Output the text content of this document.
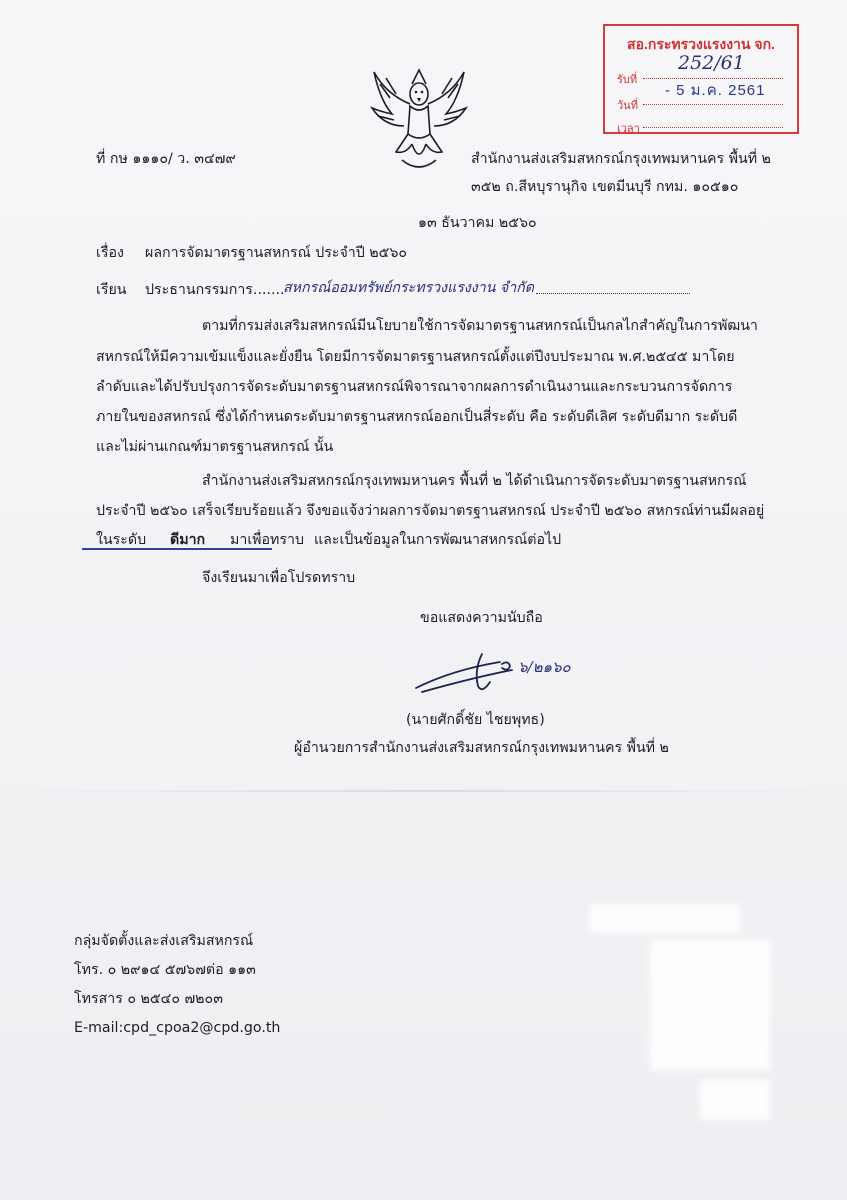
สอ.กระทรวงแรงงาน จก.
รับที่
วันที่
เวลา
252/61
- 5 ม.ค. 2561
ที่ กษ ๑๑๑๐/ ว. ๓๔๗๙	สำนักงานส่งเสริมสหกรณ์กรุงเทพมหานคร พื้นที่ ๒
๓๕๒ ถ.สีหบุรานุกิจ เขตมีนบุรี กทม. ๑๐๕๑๐
๑๓ ธันวาคม ๒๕๖๐
เรื่อง ผลการจัดมาตรฐานสหกรณ์ ประจำปี ๒๕๖๐
เรียน ประธานกรรมการ.......
สหกรณ์ออมทรัพย์กระทรวงแรงงาน จำกัด
ตามที่กรมส่งเสริมสหกรณ์มีนโยบายใช้การจัดมาตรฐานสหกรณ์เป็นกลไกสำคัญในการพัฒนา
สหกรณ์ให้มีความเข้มแข็งและยั่งยืน โดยมีการจัดมาตรฐานสหกรณ์ตั้งแต่ปีงบประมาณ พ.ศ.๒๕๔๕ มาโดย
ลำดับและได้ปรับปรุงการจัดระดับมาตรฐานสหกรณ์พิจารณาจากผลการดำเนินงานและกระบวนการจัดการ
ภายในของสหกรณ์ ซึ่งได้กำหนดระดับมาตรฐานสหกรณ์ออกเป็นสี่ระดับ คือ ระดับดีเลิศ ระดับดีมาก ระดับดี
และไม่ผ่านเกณฑ์มาตรฐานสหกรณ์ นั้น
สำนักงานส่งเสริมสหกรณ์กรุงเทพมหานคร พื้นที่ ๒ ได้ดำเนินการจัดระดับมาตรฐานสหกรณ์
ประจำปี ๒๕๖๐ เสร็จเรียบร้อยแล้ว จึงขอแจ้งว่าผลการจัดมาตรฐานสหกรณ์ ประจำปี ๒๕๖๐ สหกรณ์ท่านมีผลอยู่
ในระดับ ดีมาก มาเพื่อทราบ และเป็นข้อมูลในการพัฒนาสหกรณ์ต่อไป
จึงเรียนมาเพื่อโปรดทราบ
ขอแสดงความนับถือ
๖/๒๑๖๐
(นายศักดิ์ชัย ไชยพุทธ)
ผู้อำนวยการสำนักงานส่งเสริมสหกรณ์กรุงเทพมหานคร พื้นที่ ๒
กลุ่มจัดตั้งและส่งเสริมสหกรณ์
โทร. ๐ ๒๙๑๔ ๕๗๖๗ต่อ ๑๑๓
โทรสาร ๐ ๒๕๔๐ ๗๒๐๓
E-mail:cpd_cpoa2@cpd.go.th
